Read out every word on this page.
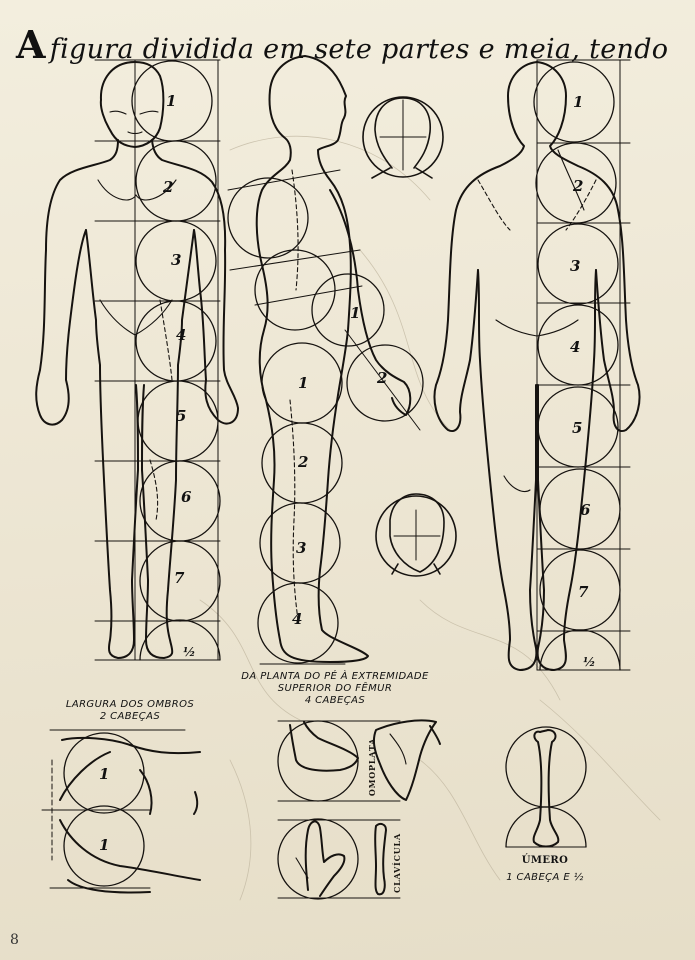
A figura dividida em sete partes e meia, tendo
1
2
3
4
5
6
7
½
1
2
3
4
1
2
1
2
3
4
5
6
7
½
1
1
DA PLANTA DO PÉ À EXTREMIDADE
SUPERIOR DO FÊMUR
4 CABEÇAS
LARGURA DOS OMBROS
2 CABEÇAS
OMOPLATA
CLAVÍCULA	ÚMERO
1 CABEÇA E ½
8
